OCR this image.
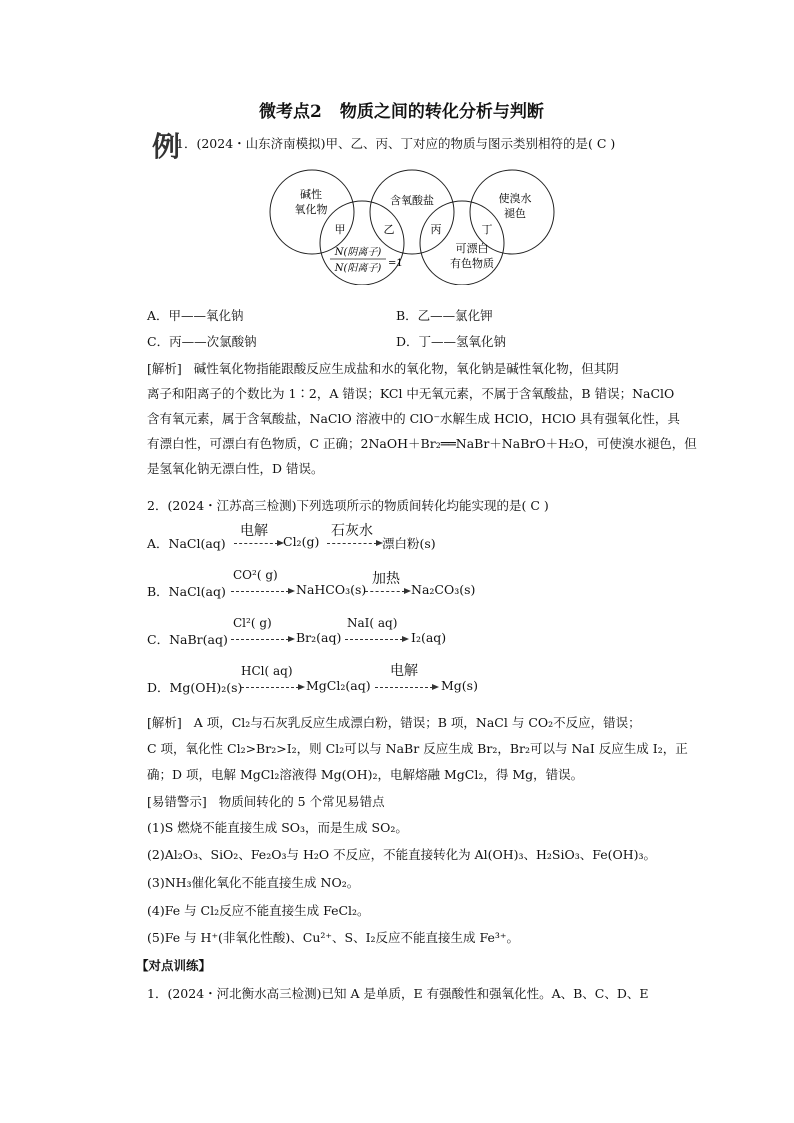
微考点2 物质之间的转化分析与判断
例
1．(2024・山东济南模拟)甲、乙、丙、丁对应的物质与图示类别相符的是( C )
碱性
氧化物
含氧酸盐	使溴水
褪色
可漂白
有色物质
甲	乙	丙	丁
N(阴离子)
N(阳离子) =1
A．甲——氧化钠	B．乙——氯化钾
C．丙——次氯酸钠	D．丁——氢氧化钠
[解析] 碱性氧化物指能跟酸反应生成盐和水的氧化物，氧化钠是碱性氧化物，但其阴
离子和阳离子的个数比为 1∶2，A 错误；KCl 中无氧元素，不属于含氧酸盐，B 错误；NaClO
含有氧元素，属于含氧酸盐，NaClO 溶液中的 ClO⁻水解生成 HClO，HClO 具有强氧化性，具
有漂白性，可漂白有色物质，C 正确；2NaOH＋Br₂══NaBr＋NaBrO＋H₂O，可使溴水褪色，但
是氢氧化钠无漂白性，D 错误。
2．(2024・江苏高三检测)下列选项所示的物质间转化均能实现的是( C )
A．NaCl(aq)
电解
Cl₂(g)
石灰水
漂白粉(s)
B．NaCl(aq)
CO²( g)
NaHCO₃(s)
加热
Na₂CO₃(s)
C．NaBr(aq)
Cl²( g)
Br₂(aq)
NaI( aq)
I₂(aq)
D．Mg(OH)₂(s)
HCl( aq)
MgCl₂(aq)
电解
Mg(s)
[解析] A 项，Cl₂与石灰乳反应生成漂白粉，错误；B 项，NaCl 与 CO₂不反应，错误；
C 项，氧化性 Cl₂>Br₂>I₂，则 Cl₂可以与 NaBr 反应生成 Br₂，Br₂可以与 NaI 反应生成 I₂，正
确；D 项，电解 MgCl₂溶液得 Mg(OH)₂，电解熔融 MgCl₂，得 Mg，错误。
[易错警示] 物质间转化的 5 个常见易错点
(1)S 燃烧不能直接生成 SO₃，而是生成 SO₂。
(2)Al₂O₃、SiO₂、Fe₂O₃与 H₂O 不反应，不能直接转化为 Al(OH)₃、H₂SiO₃、Fe(OH)₃。
(3)NH₃催化氧化不能直接生成 NO₂。
(4)Fe 与 Cl₂反应不能直接生成 FeCl₂。
(5)Fe 与 H⁺(非氧化性酸)、Cu²⁺、S、I₂反应不能直接生成 Fe³⁺。
【对点训练】
1．(2024・河北衡水高三检测)已知 A 是单质，E 有强酸性和强氧化性。A、B、C、D、E
